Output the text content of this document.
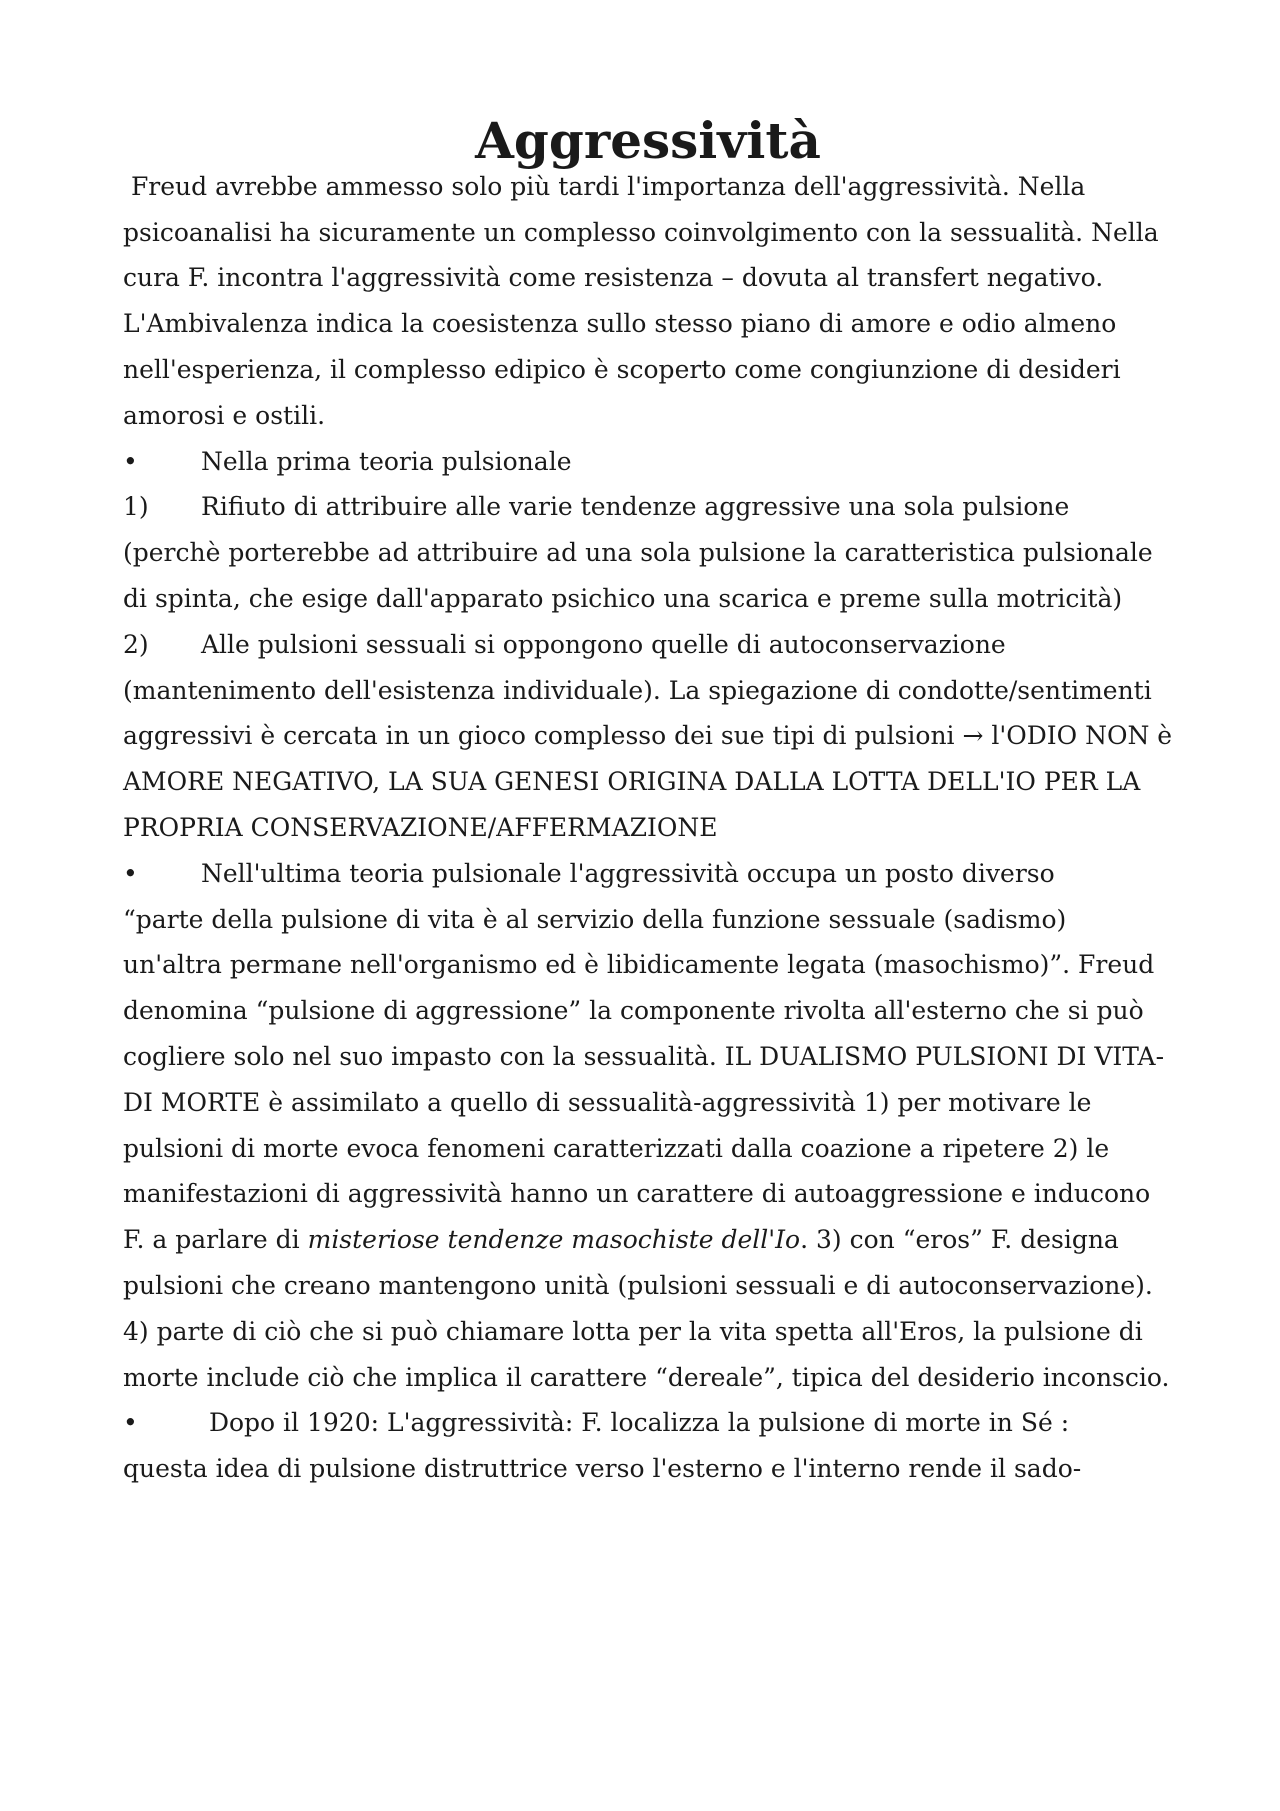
Aggressività

Freud avrebbe ammesso solo più tardi l'importanza dell'aggressività. Nella psicoanalisi ha sicuramente un complesso coinvolgimento con la sessualità. Nella cura F. incontra l'aggressività come resistenza – dovuta al transfert negativo.

L'Ambivalenza indica la coesistenza sullo stesso piano di amore e odio almeno nell'esperienza, il complesso edipico è scoperto come congiunzione di desideri amorosi e ostili.

•	Nella prima teoria pulsionale
1)	Rifiuto di attribuire alle varie tendenze aggressive una sola pulsione

(perchè porterebbe ad attribuire ad una sola pulsione la caratteristica pulsionale di spinta, che esige dall'apparato psichico una scarica e preme sulla motricità)

2)	Alle pulsioni sessuali si oppongono quelle di autoconservazione

(mantenimento dell'esistenza individuale). La spiegazione di condotte/sentimenti aggressivi è cercata in un gioco complesso dei sue tipi di pulsioni → l'ODIO NON è AMORE NEGATIVO, LA SUA GENESI ORIGINA DALLA LOTTA DELL'IO PER LA PROPRIA CONSERVAZIONE/AFFERMAZIONE

•	Nell'ultima teoria pulsionale l'aggressività occupa un posto diverso

“parte della pulsione di vita è al servizio della funzione sessuale (sadismo) un'altra permane nell'organismo ed è libidicamente legata (masochismo)”. Freud denomina “pulsione di aggressione” la componente rivolta all'esterno che si può cogliere solo nel suo impasto con la sessualità. IL DUALISMO PULSIONI DI VITA-DI MORTE è assimilato a quello di sessualità-aggressività 1) per motivare le pulsioni di morte evoca fenomeni caratterizzati dalla coazione a ripetere 2) le manifestazioni di aggressività hanno un carattere di autoaggressione e inducono F. a parlare di misteriose tendenze masochiste dell'Io. 3) con “eros” F. designa pulsioni che creano mantengono unità (pulsioni sessuali e di autoconservazione). 4) parte di ciò che si può chiamare lotta per la vita spetta all'Eros, la pulsione di morte include ciò che implica il carattere “dereale”, tipica del desiderio inconscio.

•	Dopo il 1920: L'aggressività: F. localizza la pulsione di morte in Sé :

questa idea di pulsione distruttrice verso l'esterno e l'interno rende il sado-
